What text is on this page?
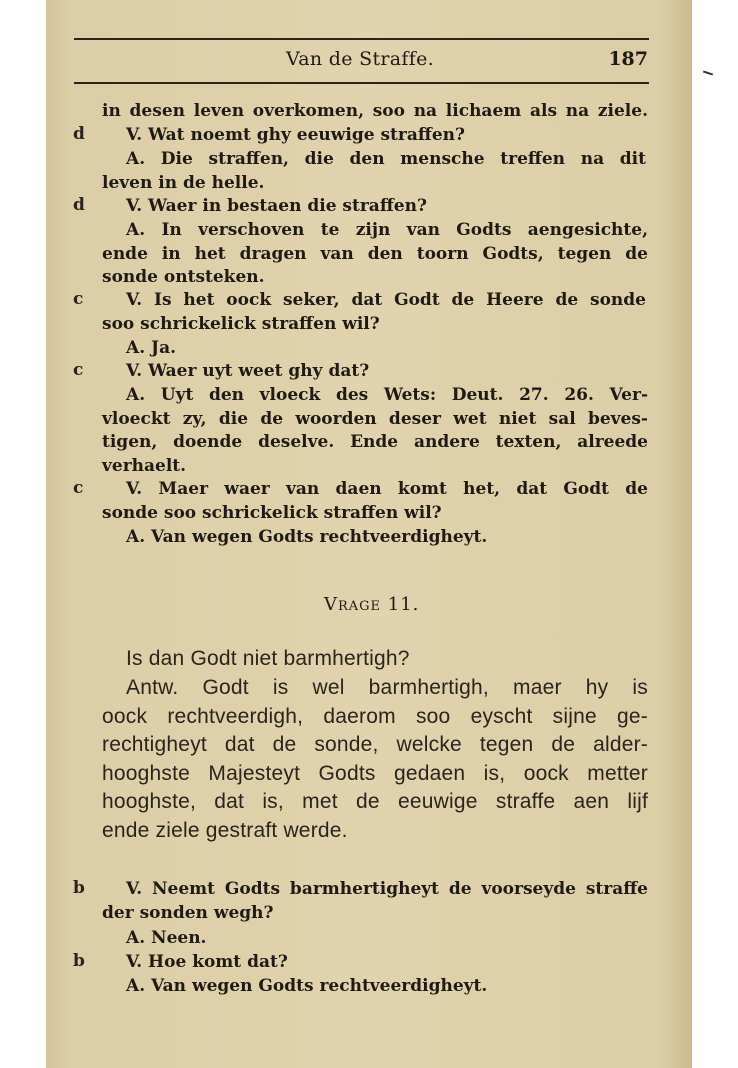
Van de Straffe.	187
d
d
c
c
c
b
b
in desen leven overkomen, soo na lichaem als na ziele.
V. Wat noemt ghy eeuwige straffen?
A. Die straffen, die den mensche treffen na dit
leven in de helle.
V. Waer in bestaen die straffen?
A. In verschoven te zijn van Godts aengesichte,
ende in het dragen van den toorn Godts, tegen de
sonde ontsteken.
V. Is het oock seker, dat Godt de Heere de sonde
soo schrickelick straffen wil?
A. Ja.
V. Waer uyt weet ghy dat?
A. Uyt den vloeck des Wets: Deut. 27. 26. Ver-
vloeckt zy, die de woorden deser wet niet sal beves-
tigen, doende deselve. Ende andere texten, alreede
verhaelt.
V. Maer waer van daen komt het, dat Godt de
sonde soo schrickelick straffen wil?
A. Van wegen Godts rechtveerdigheyt.
Vrage 11.
Is dan Godt niet barmhertigh?
Antw. Godt is wel barmhertigh, maer hy is
oock rechtveerdigh, daerom soo eyscht sijne ge-
rechtigheyt dat de sonde, welcke tegen de alder-
hooghste Majesteyt Godts gedaen is, oock metter
hooghste, dat is, met de eeuwige straffe aen lijf
ende ziele gestraft werde.
V. Neemt Godts barmhertigheyt de voorseyde straffe
der sonden wegh?
A. Neen.
V. Hoe komt dat?
A. Van wegen Godts rechtveerdigheyt.
